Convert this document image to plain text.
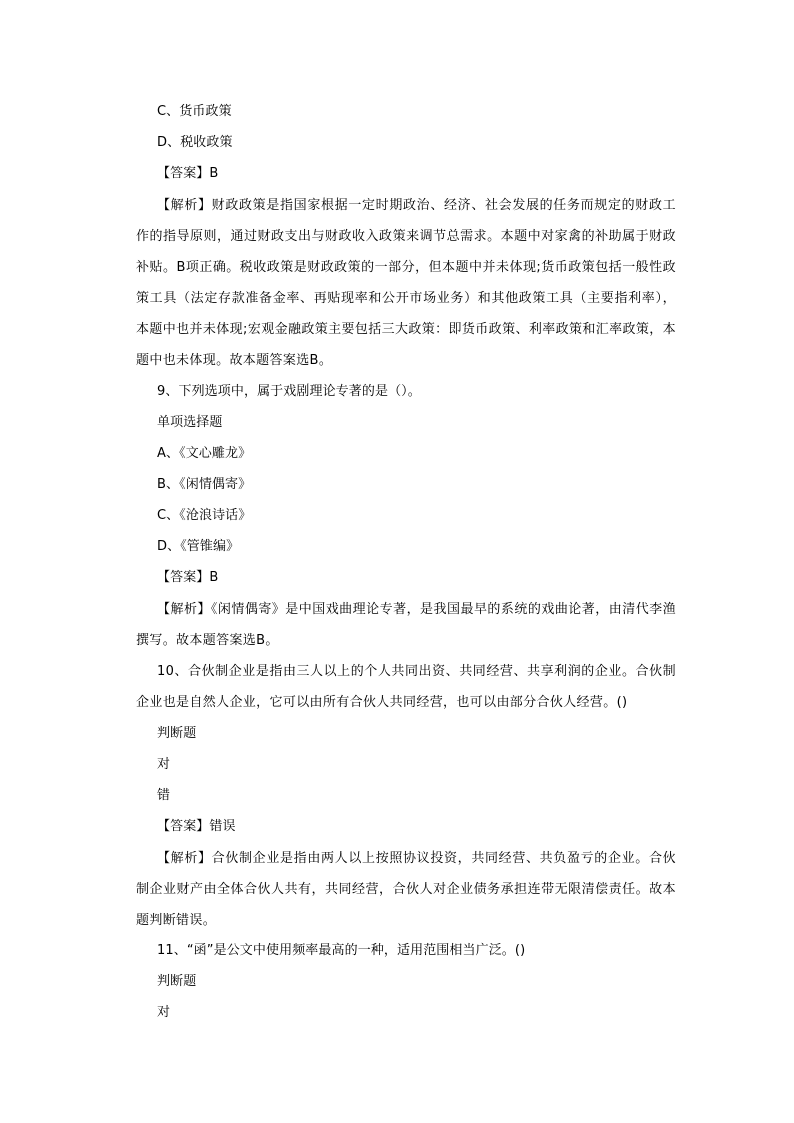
C、货币政策
D、税收政策
【答案】B
【解析】财政政策是指国家根据一定时期政治、经济、社会发展的任务而规定的财政工作的指导原则，通过财政支出与财政收入政策来调节总需求。本题中对家禽的补助属于财政补贴。B项正确。税收政策是财政政策的一部分，但本题中并未体现;货币政策包括一般性政策工具（法定存款准备金率、再贴现率和公开市场业务）和其他政策工具（主要指利率），本题中也并未体现;宏观金融政策主要包括三大政策：即货币政策、利率政策和汇率政策，本题中也未体现。故本题答案选B。
9、下列选项中，属于戏剧理论专著的是（）。
单项选择题
A、《文心雕龙》
B、《闲情偶寄》
C、《沧浪诗话》
D、《管锥编》
【答案】B
【解析】《闲情偶寄》是中国戏曲理论专著，是我国最早的系统的戏曲论著，由清代李渔撰写。故本题答案选B。
10、合伙制企业是指由三人以上的个人共同出资、共同经营、共享利润的企业。合伙制企业也是自然人企业，它可以由所有合伙人共同经营，也可以由部分合伙人经营。()
判断题
对
错
【答案】错误
【解析】合伙制企业是指由两人以上按照协议投资，共同经营、共负盈亏的企业。合伙制企业财产由全体合伙人共有，共同经营，合伙人对企业债务承担连带无限清偿责任。故本题判断错误。
11、“函”是公文中使用频率最高的一种，适用范围相当广泛。()
判断题
对
